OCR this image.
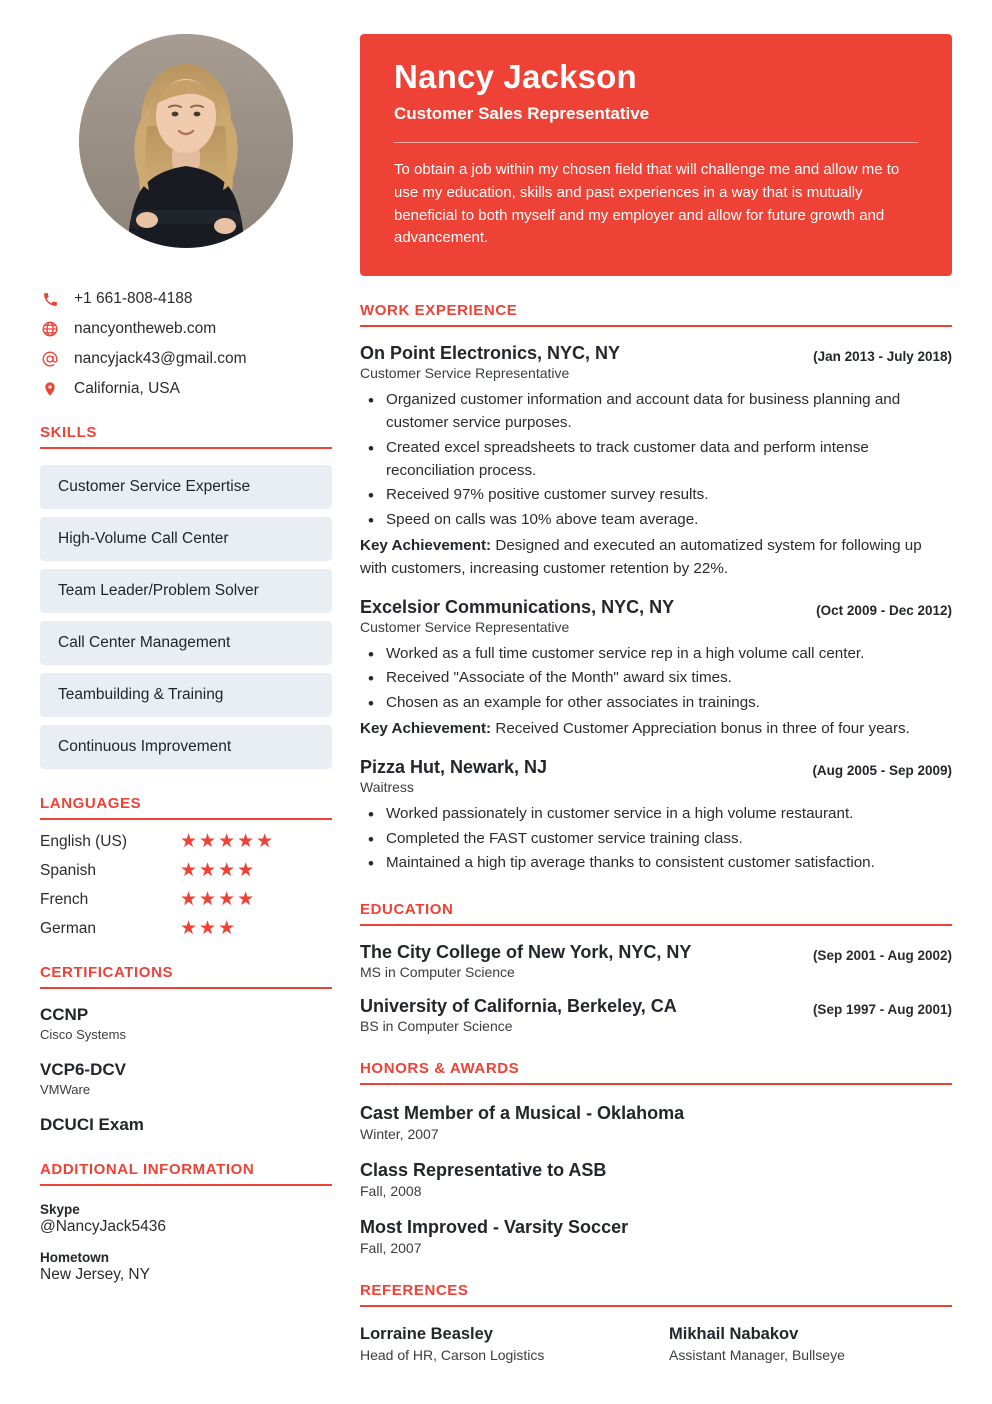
+1 661-808-4188
nancyontheweb.com
nancyjack43@gmail.com
California, USA
SKILLS
Customer Service Expertise
High-Volume Call Center
Team Leader/Problem Solver
Call Center Management
Teambuilding & Training
Continuous Improvement
LANGUAGES
English (US)	★★★★★
Spanish	★★★★
French	★★★★
German	★★★
CERTIFICATIONS
CCNP
Cisco Systems
VCP6-DCV
VMWare
DCUCI Exam
ADDITIONAL INFORMATION
Skype
@NancyJack5436
Hometown
New Jersey, NY
Nancy Jackson
Customer Sales Representative

To obtain a job within my chosen field that will challenge me and allow me to use my education, skills and past experiences in a way that is mutually beneficial to both myself and my employer and allow for future growth and advancement.

WORK EXPERIENCE
On Point Electronics, NYC, NY	(Jan 2013 - July 2018)
Customer Service Representative
• Organized customer information and account data for business planning and customer service purposes.
• Created excel spreadsheets to track customer data and perform intense reconciliation process.
• Received 97% positive customer survey results.
• Speed on calls was 10% above team average.
Key Achievement: Designed and executed an automatized system for following up with customers, increasing customer retention by 22%.
Excelsior Communications, NYC, NY	(Oct 2009 - Dec 2012)
Customer Service Representative
• Worked as a full time customer service rep in a high volume call center.
• Received "Associate of the Month" award six times.
• Chosen as an example for other associates in trainings.
Key Achievement: Received Customer Appreciation bonus in three of four years.
Pizza Hut, Newark, NJ	(Aug 2005 - Sep 2009)
Waitress
• Worked passionately in customer service in a high volume restaurant.
• Completed the FAST customer service training class.
• Maintained a high tip average thanks to consistent customer satisfaction.
EDUCATION
The City College of New York, NYC, NY	(Sep 2001 - Aug 2002)
MS in Computer Science
University of California, Berkeley, CA	(Sep 1997 - Aug 2001)
BS in Computer Science
HONORS & AWARDS
Cast Member of a Musical - Oklahoma
Winter, 2007
Class Representative to ASB
Fall, 2008
Most Improved - Varsity Soccer
Fall, 2007
REFERENCES
Lorraine Beasley
Head of HR, Carson Logistics
Mikhail Nabakov
Assistant Manager, Bullseye
